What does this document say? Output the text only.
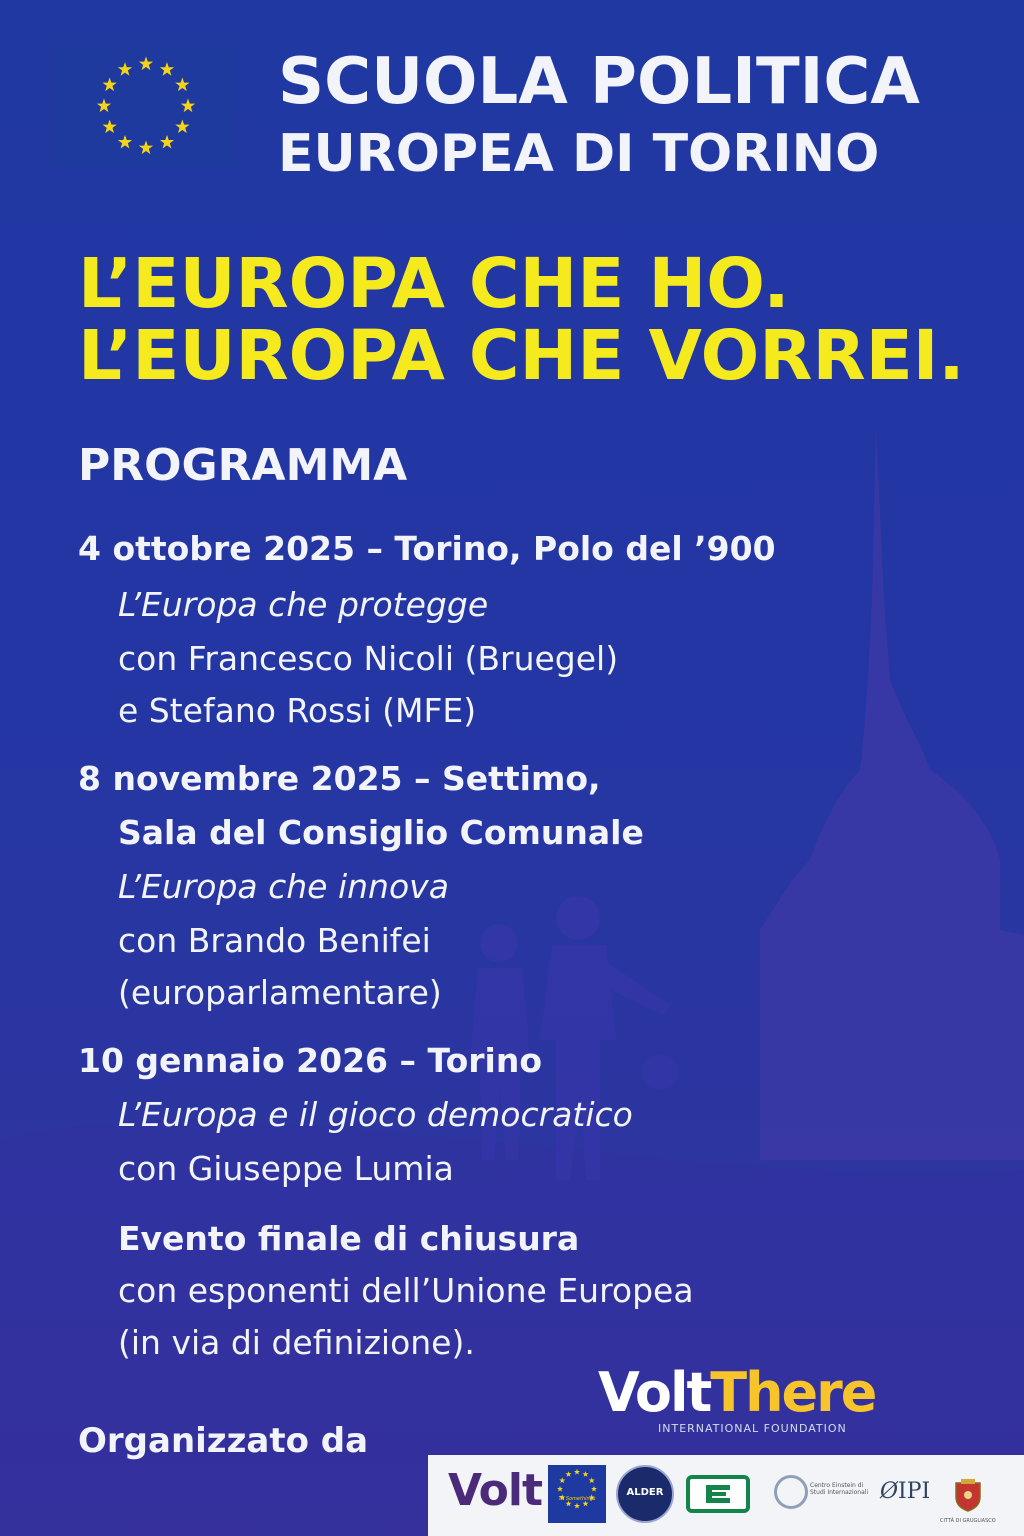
SCUOLA POLITICA
EUROPEA DI TORINO
L’EUROPA CHE HO.
L’EUROPA CHE VORREI.
PROGRAMMA
4 ottobre 2025 – Torino, Polo del ’900
L’Europa che protegge
con Francesco Nicoli (Bruegel)
e Stefano Rossi (MFE)
8 novembre 2025 – Settimo,
Sala del Consiglio Comunale
L’Europa che innova
con Brando Benifei
(europarlamentare)
10 gennaio 2026 – Torino
L’Europa e il gioco democratico
con Giuseppe Lumia
Evento finale di chiusura
con esponenti dell’Unione Europea
(in via di definizione).
Organizzato da
VoltThere
INTERNATIONAL FOUNDATION
Volt	Tu Somethings
ALDER
Centro Einstein di Studi Internazionali ØIPI
CITTÀ DI GRUGLIASCO
